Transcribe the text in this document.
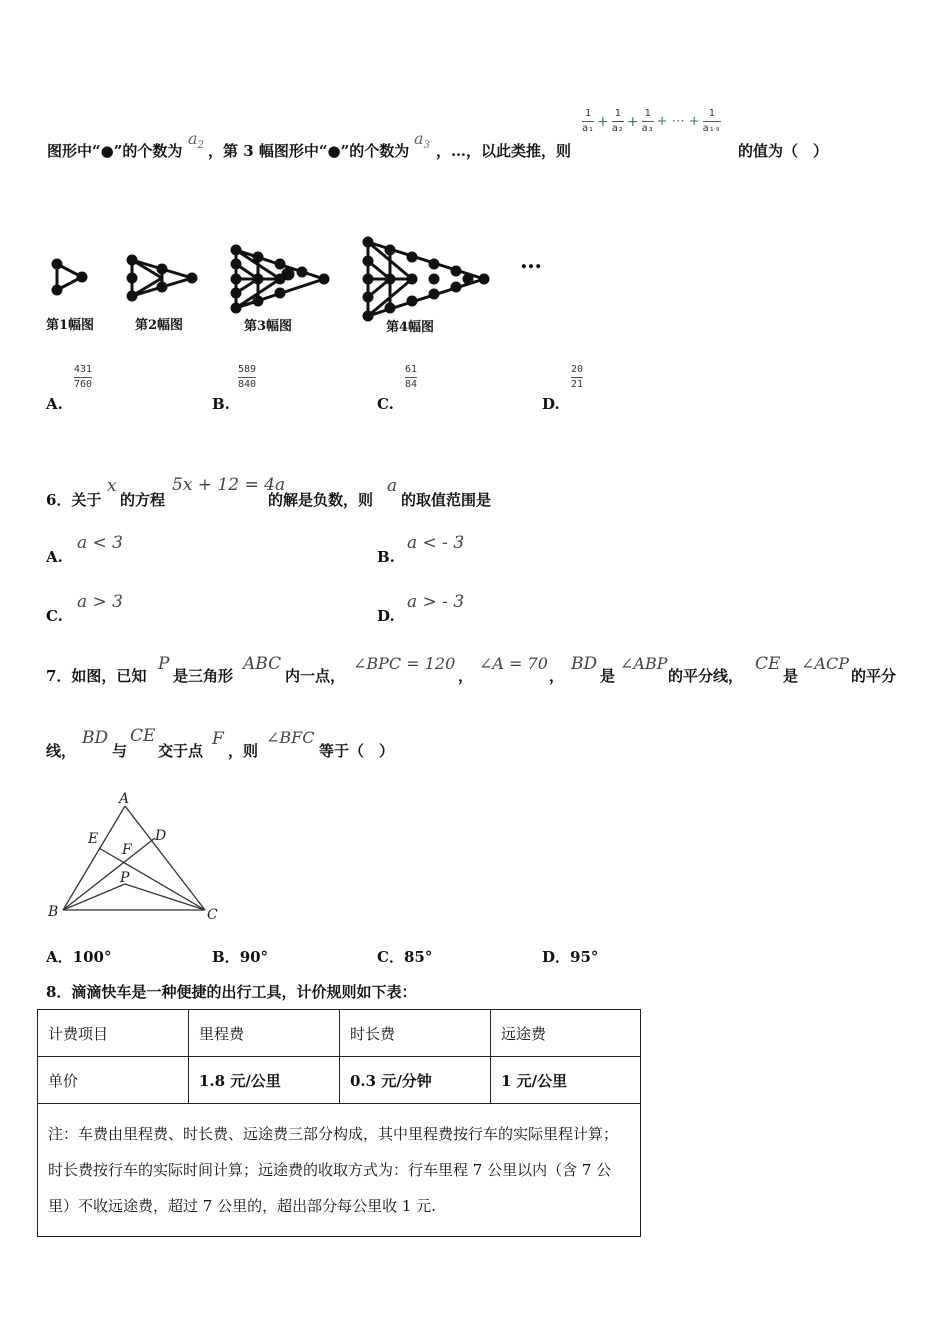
图形中“●”的个数为
$a_2$ ，第 3 幅图形中“●”的个数为
$a_3$ ，…，以此类推，则
$\frac{1}{\text{a₁}} + \frac{1}{\text{a₂}} + \frac{1}{\text{a₃}}$ + ⋯ + $\frac{1}{\text{a₁₉}}$
的值为（　）
…
第1幅图	第2幅图	第3幅图	第4幅图
A.
431
760
B.
589
840
C.
61
84
D.
20
21
6．关于
x
的方程
5x + 12 = 4a
的解是负数，则
a
的取值范围是
A.
a < 3
B.
a < - 3
C.
a > 3
D.
a > - 3
7．如图，已知
P
是三角形
ABC
内一点，
∠BPC = 120
，
∠A = 70
，
BD
是
∠ABP
的平分线，
CE
是
∠ACP
的平分
线，
BD
与
CE
交于点
F
，则
∠BFC
等于（　）
A
B	C
D
E
F
P
A．100°	B．90°	C．85°	D．95°
8．滴滴快车是一种便捷的出行工具，计价规则如下表：
计费项目	里程费	时长费	远途费
单价	1.8 元/公里	0.3 元/分钟	1 元/公里
注：车费由里程费、时长费、远途费三部分构成，其中里程费按行车的实际里程计算；时长费按行车的实际时间计算；远途费的收取方式为：行车里程 7 公里以内（含 7 公里）不收远途费，超过 7 公里的，超出部分每公里收 1 元.			
